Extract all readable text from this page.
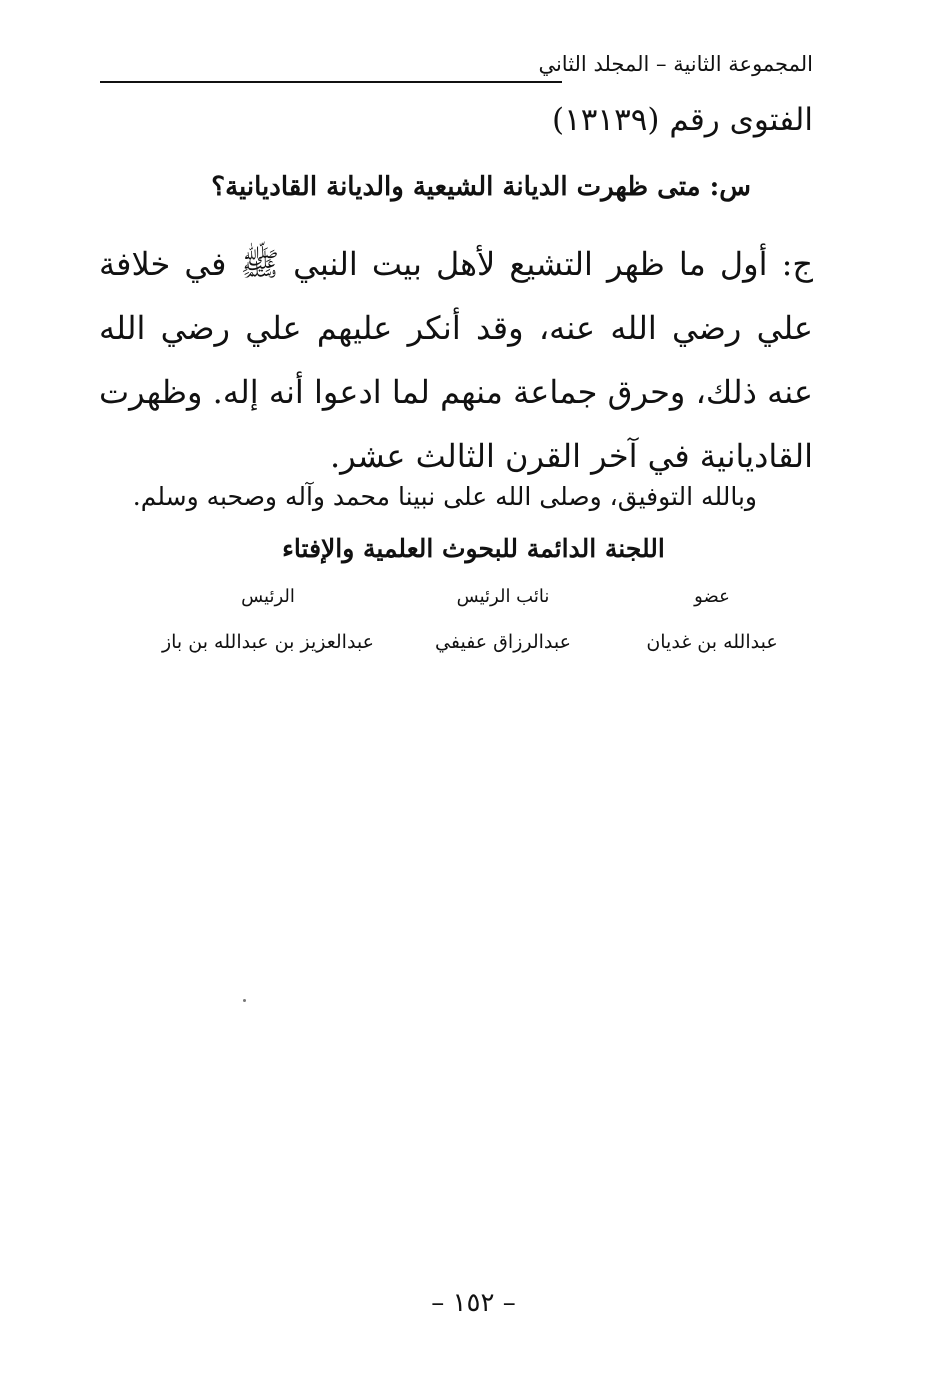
المجموعة الثانية – المجلد الثاني
الفتوى رقم (١٣١٣٩)
س: متى ظهرت الديانة الشيعية والديانة القاديانية؟
ج: أول ما ظهر التشيع لأهل بيت النبي ﷺ في خلافة علي رضي الله عنه، وقد أنكر عليهم علي رضي الله عنه ذلك، وحرق جماعة منهم لما ادعوا أنه إله. وظهرت القاديانية في آخر القرن الثالث عشر.
وبالله التوفيق، وصلى الله على نبينا محمد وآله وصحبه وسلم.
اللجنة الدائمة للبحوث العلمية والإفتاء
عضو
عبدالله بن غديان
نائب الرئيس
عبدالرزاق عفيفي
الرئيس
عبدالعزيز بن عبدالله بن باز
– ١٥٢ –
